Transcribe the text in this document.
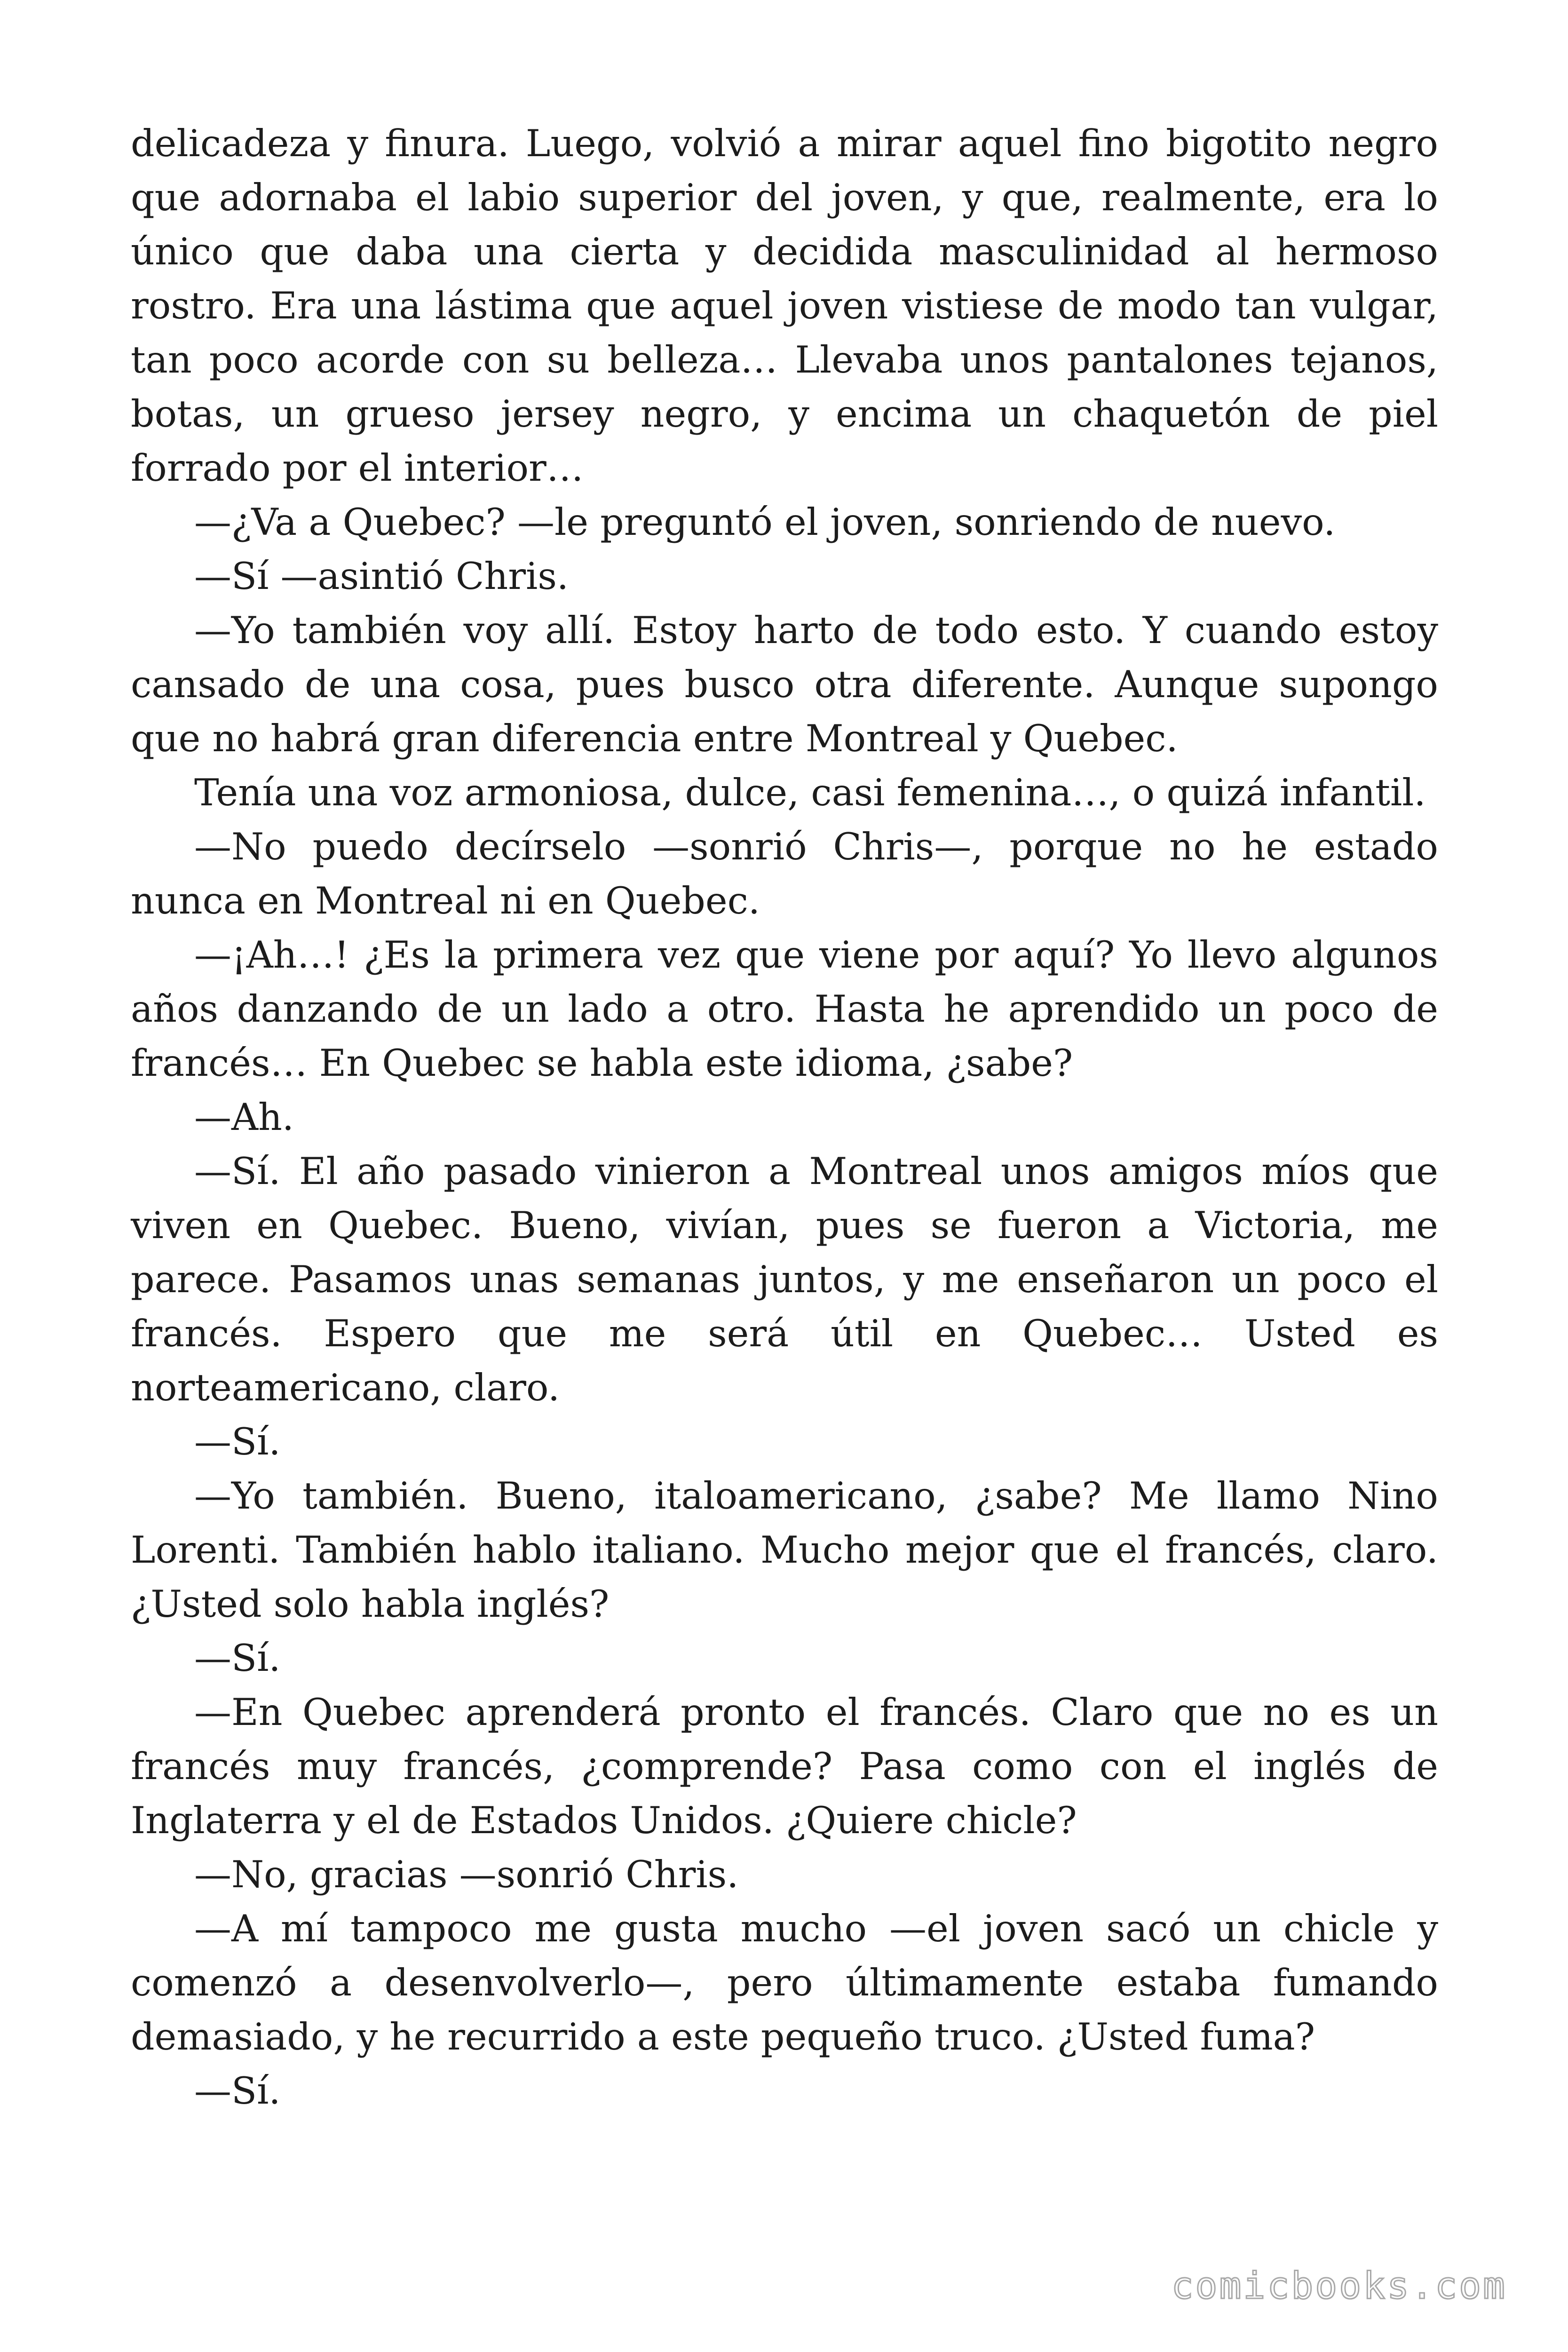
delicadeza y finura. Luego, volvió a mirar aquel fino bigotito negro que adornaba el labio superior del joven, y que, realmente, era lo único que daba una cierta y decidida masculinidad al hermoso rostro. Era una lástima que aquel joven vistiese de modo tan vulgar, tan poco acorde con su belleza… Llevaba unos pantalones tejanos, botas, un grueso jersey negro, y encima un chaquetón de piel forrado por el interior…

—¿Va a Quebec? —le preguntó el joven, sonriendo de nuevo.

—Sí —asintió Chris.

—Yo también voy allí. Estoy harto de todo esto. Y cuando estoy cansado de una cosa, pues busco otra diferente. Aunque supongo que no habrá gran diferencia entre Montreal y Quebec.

Tenía una voz armoniosa, dulce, casi femenina…, o quizá infantil.

—No puedo decírselo —sonrió Chris—, porque no he estado nunca en Montreal ni en Quebec.

—¡Ah…! ¿Es la primera vez que viene por aquí? Yo llevo algunos años danzando de un lado a otro. Hasta he aprendido un poco de francés… En Quebec se habla este idioma, ¿sabe?

—Ah.

—Sí. El año pasado vinieron a Montreal unos amigos míos que viven en Quebec. Bueno, vivían, pues se fueron a Victoria, me parece. Pasamos unas semanas juntos, y me enseñaron un poco el francés. Espero que me será útil en Quebec… Usted es norteamericano, claro.

—Sí.

—Yo también. Bueno, italoamericano, ¿sabe? Me llamo Nino Lorenti. También hablo italiano. Mucho mejor que el francés, claro. ¿Usted solo habla inglés?

—Sí.

—En Quebec aprenderá pronto el francés. Claro que no es un francés muy francés, ¿comprende? Pasa como con el inglés de Inglaterra y el de Estados Unidos. ¿Quiere chicle?

—No, gracias —sonrió Chris.

—A mí tampoco me gusta mucho —el joven sacó un chicle y comenzó a desenvolverlo—, pero últimamente estaba fumando demasiado, y he recurrido a este pequeño truco. ¿Usted fuma?

—Sí.

comicbooks.com
